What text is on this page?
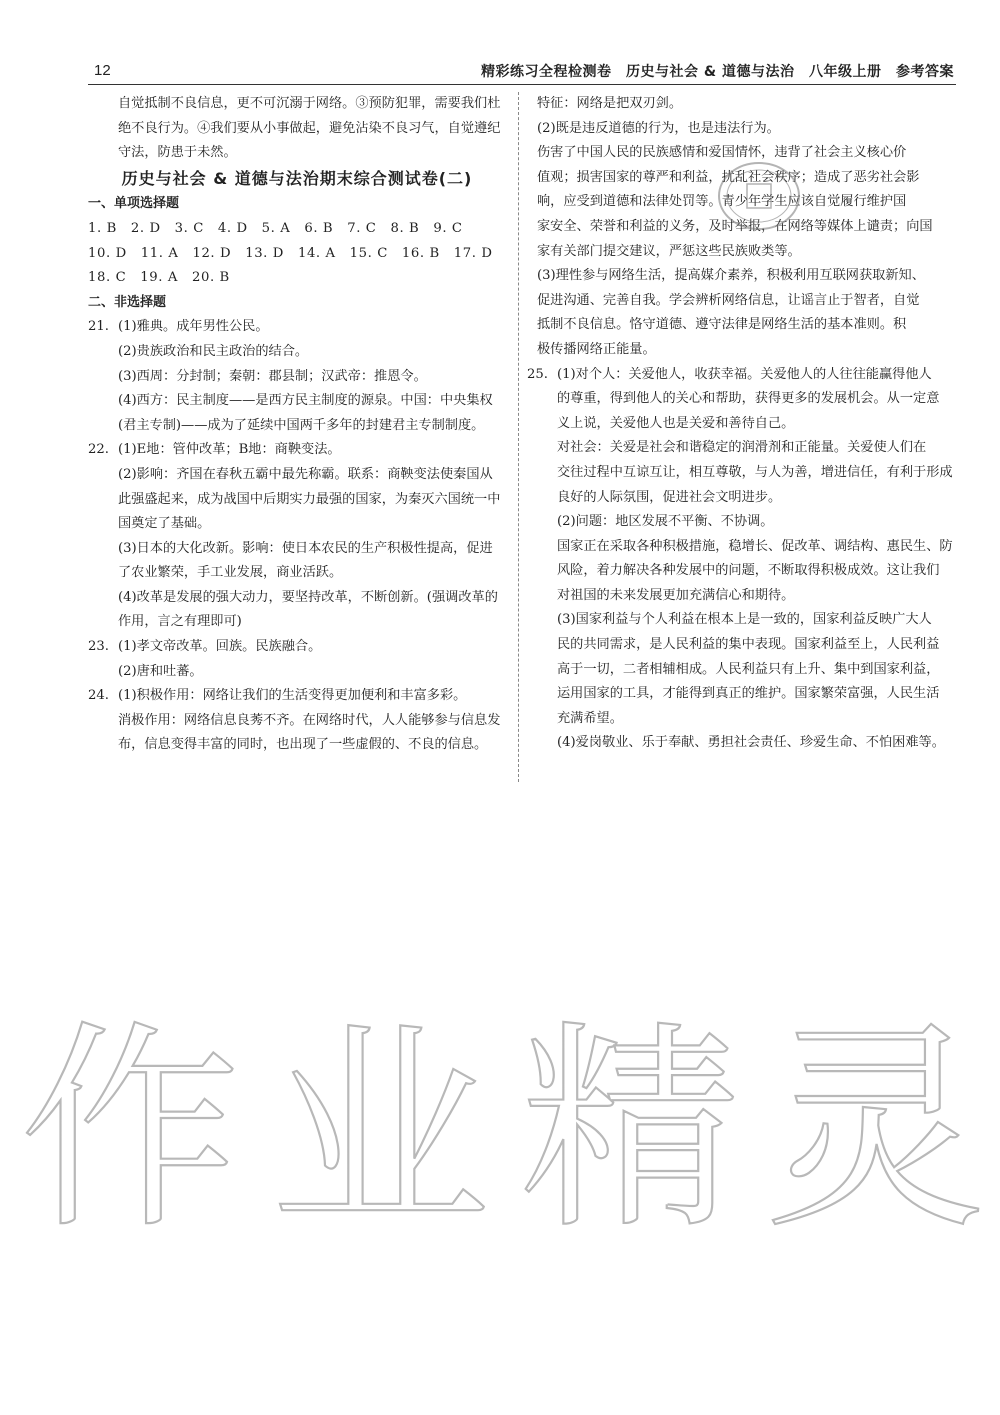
12	精彩练习全程检测卷　历史与社会 & 道德与法治　八年级上册　参考答案

自觉抵制不良信息，更不可沉溺于网络。③预防犯罪，需要我们杜

绝不良行为。④我们要从小事做起，避免沾染不良习气，自觉遵纪

守法，防患于未然。

历史与社会 & 道德与法治期末综合测试卷(二)

一、单项选择题

1. B 2. D 3. C 4. D 5. A 6. B 7. C 8. B 9. C

10. D 11. A 12. D 13. D 14. A 15. C 16. B 17. D

18. C 19. A 20. B

二、非选择题

21. (1)雅典。成年男性公民。

(2)贵族政治和民主政治的结合。

(3)西周：分封制；秦朝：郡县制；汉武帝：推恩令。

(4)西方：民主制度——是西方民主制度的源泉。中国：中央集权

(君主专制)——成为了延续中国两千多年的封建君主专制制度。

22. (1)E地：管仲改革；B地：商鞅变法。

(2)影响：齐国在春秋五霸中最先称霸。联系：商鞅变法使秦国从

此强盛起来，成为战国中后期实力最强的国家，为秦灭六国统一中

国奠定了基础。

(3)日本的大化改新。影响：使日本农民的生产积极性提高，促进

了农业繁荣，手工业发展，商业活跃。

(4)改革是发展的强大动力，要坚持改革，不断创新。(强调改革的

作用，言之有理即可)

23. (1)孝文帝改革。回族。民族融合。

(2)唐和吐蕃。

24. (1)积极作用：网络让我们的生活变得更加便利和丰富多彩。

消极作用：网络信息良莠不齐。在网络时代，人人能够参与信息发

布，信息变得丰富的同时，也出现了一些虚假的、不良的信息。

特征：网络是把双刃剑。

(2)既是违反道德的行为，也是违法行为。

伤害了中国人民的民族感情和爱国情怀，违背了社会主义核心价

值观；损害国家的尊严和利益，扰乱社会秩序；造成了恶劣社会影

响，应受到道德和法律处罚等。青少年学生应该自觉履行维护国

家安全、荣誉和利益的义务，及时举报，在网络等媒体上谴责；向国

家有关部门提交建议，严惩这些民族败类等。

(3)理性参与网络生活，提高媒介素养，积极利用互联网获取新知、

促进沟通、完善自我。学会辨析网络信息，让谣言止于智者，自觉

抵制不良信息。恪守道德、遵守法律是网络生活的基本准则。积

极传播网络正能量。

25. (1)对个人：关爱他人，收获幸福。关爱他人的人往往能赢得他人

的尊重，得到他人的关心和帮助，获得更多的发展机会。从一定意

义上说，关爱他人也是关爱和善待自己。

对社会：关爱是社会和谐稳定的润滑剂和正能量。关爱使人们在

交往过程中互谅互让，相互尊敬，与人为善，增进信任，有利于形成

良好的人际氛围，促进社会文明进步。

(2)问题：地区发展不平衡、不协调。

国家正在采取各种积极措施，稳增长、促改革、调结构、惠民生、防

风险，着力解决各种发展中的问题，不断取得积极成效。这让我们

对祖国的未来发展更加充满信心和期待。

(3)国家利益与个人利益在根本上是一致的，国家利益反映广大人

民的共同需求，是人民利益的集中表现。国家利益至上，人民利益

高于一切，二者相辅相成。人民利益只有上升、集中到国家利益，

运用国家的工具，才能得到真正的维护。国家繁荣富强，人民生活

充满希望。

(4)爱岗敬业、乐于奉献、勇担社会责任、珍爱生命、不怕困难等。

作 业 精 灵
